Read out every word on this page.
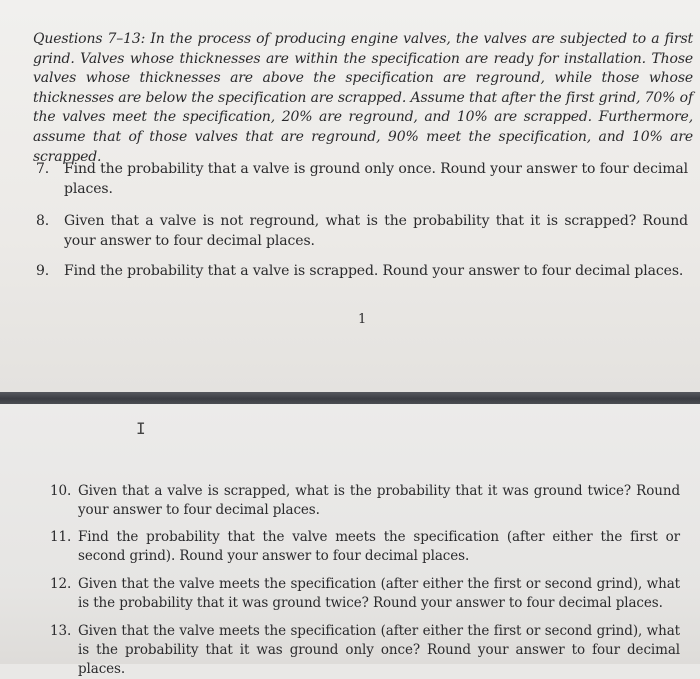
Questions 7–13: In the process of producing engine valves, the valves are subjected to a first grind. Valves whose thicknesses are within the specification are ready for installation. Those valves whose thicknesses are above the specification are reground, while those whose thicknesses are below the specification are scrapped. Assume that after the first grind, 70% of the valves meet the specification, 20% are reground, and 10% are scrapped. Furthermore, assume that of those valves that are reground, 90% meet the specification, and 10% are scrapped.
7. Find the probability that a valve is ground only once. Round your answer to four decimal places.
8. Given that a valve is not reground, what is the probability that it is scrapped? Round your answer to four decimal places.
9. Find the probability that a valve is scrapped. Round your answer to four decimal places.
1
I
10. Given that a valve is scrapped, what is the probability that it was ground twice? Round your answer to four decimal places.
11. Find the probability that the valve meets the specification (after either the first or second grind). Round your answer to four decimal places.
12. Given that the valve meets the specification (after either the first or second grind), what is the probability that it was ground twice? Round your answer to four decimal places.
13. Given that the valve meets the specification (after either the first or second grind), what is the probability that it was ground only once? Round your answer to four decimal places.
